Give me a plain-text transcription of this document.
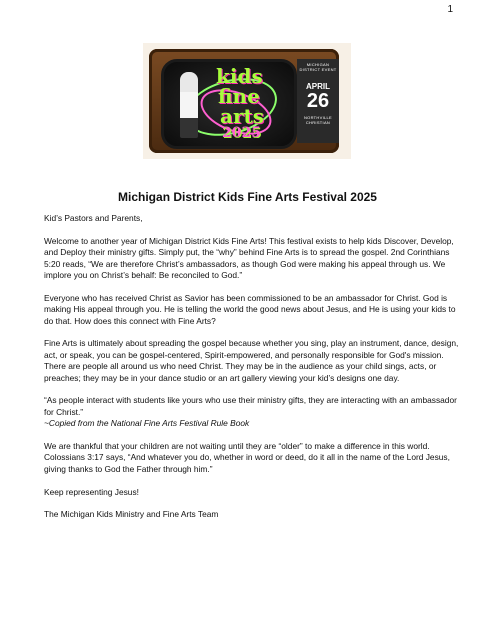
1
kids
fine
arts
2025
MICHIGAN DISTRICT EVENT
APRIL
26
NORTHVILLE CHRISTIAN
Michigan District Kids Fine Arts Festival 2025

Kid’s Pastors and Parents,

Welcome to another year of Michigan District Kids Fine Arts! This festival exists to help kids Discover, Develop, and Deploy their ministry gifts. Simply put, the “why” behind Fine Arts is to spread the gospel. 2nd Corinthians 5:20 reads, “We are therefore Christ’s ambassadors, as though God were making his appeal through us. We implore you on Christ’s behalf: Be reconciled to God.”

Everyone who has received Christ as Savior has been commissioned to be an ambassador for Christ. God is making His appeal through you. He is telling the world the good news about Jesus, and He is using your kids to do that. How does this connect with Fine Arts?

Fine Arts is ultimately about spreading the gospel because whether you sing, play an instrument, dance, design, act, or speak, you can be gospel-centered, Spirit-empowered, and personally responsible for God's mission. There are people all around us who need Christ. They may be in the audience as your child sings, acts, or preaches; they may be in your dance studio or an art gallery viewing your kid’s designs one day.

“As people interact with students like yours who use their ministry gifts, they are interacting with an ambassador for Christ.”

~Copied from the National Fine Arts Festival Rule Book

We are thankful that your children are not waiting until they are “older” to make a difference in this world. Colossians 3:17 says, “And whatever you do, whether in word or deed, do it all in the name of the Lord Jesus, giving thanks to God the Father through him.”

Keep representing Jesus!

The Michigan Kids Ministry and Fine Arts Team
